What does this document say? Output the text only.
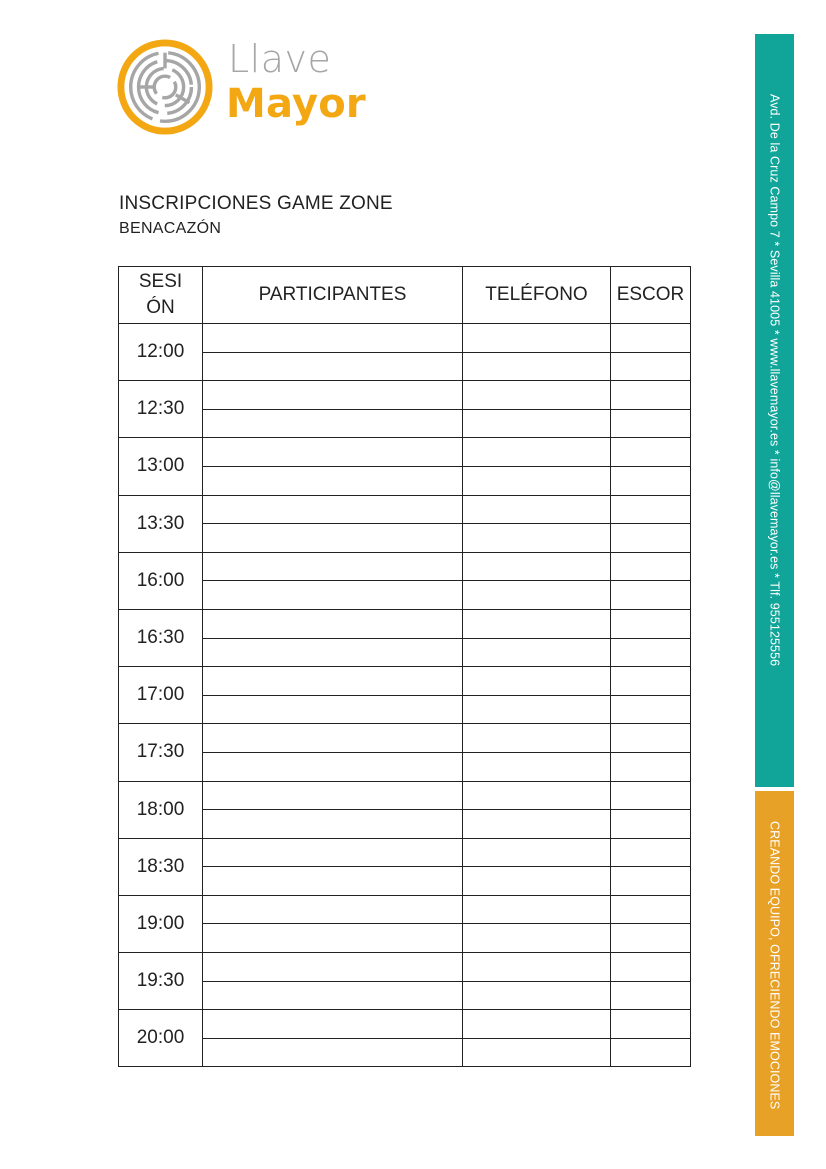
Llave
Mayor
INSCRIPCIONES GAME ZONE
BENACAZÓN
SESIÓN	PARTICIPANTES	TELÉFONO	ESCOR
12:00			

12:30			

13:00			

13:30			

16:00			

16:30			

17:00			

17:30			

18:00			

18:30			

19:00			

19:30			

20:00			

Avd. De la Cruz Campo 7 * Sevilla 41005 * www.llavemayor.es * info@llavemayor.es * Tlf. 955125556
CREANDO EQUIPO, OFRECIENDO EMOCIONES
